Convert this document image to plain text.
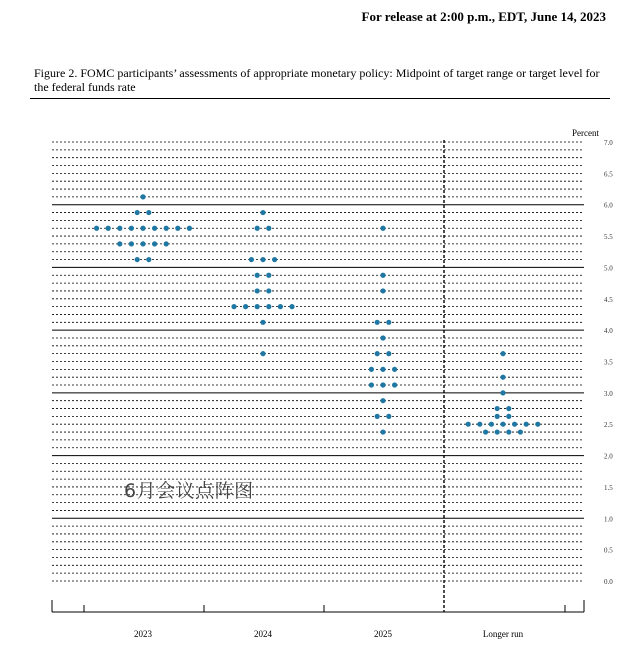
For release at 2:00 p.m., EDT, June 14, 2023
Figure 2. FOMC participants’ assessments of appropriate monetary policy: Midpoint of target range or target level for the federal funds rate
0.0
0.5
1.0
1.5
2.0
2.5
3.0
3.5
4.0
4.5
5.0
5.5
6.0
6.5
7.0
2023	2024	2025	Longer run
Percent
6月会议点阵图
